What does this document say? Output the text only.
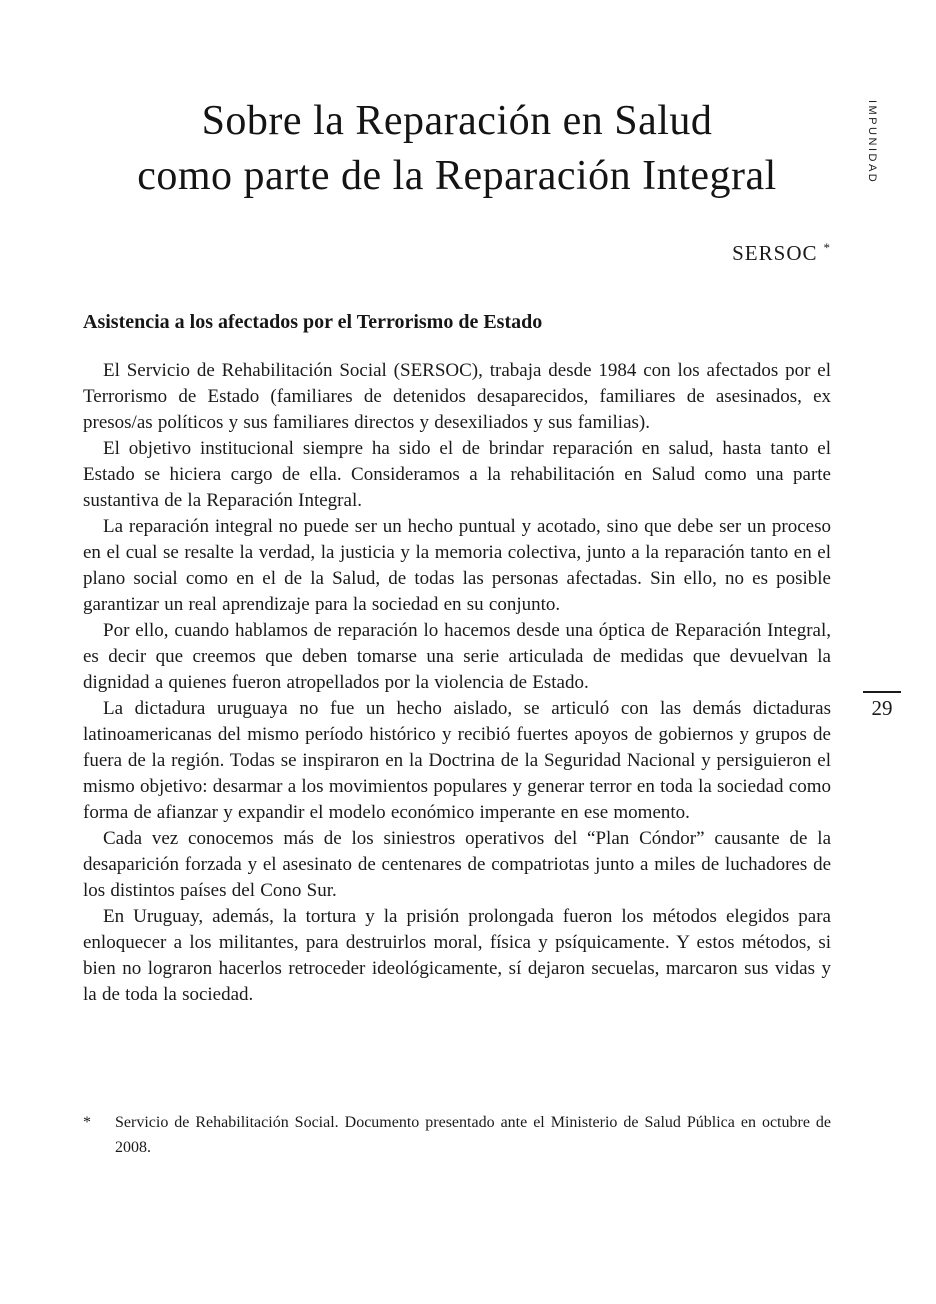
IMPUNIDAD
29
Sobre la Reparación en Salud
como parte de la Reparación Integral
SERSOC *
Asistencia a los afectados por el Terrorismo de Estado

El Servicio de Rehabilitación Social (SERSOC), trabaja desde 1984 con los afectados por el Terrorismo de Estado (familiares de detenidos desaparecidos, familiares de asesinados, ex presos/as políticos y sus familiares directos y desexiliados y sus familias).

El objetivo institucional siempre ha sido el de brindar reparación en salud, hasta tanto el Estado se hiciera cargo de ella. Consideramos a la rehabilitación en Salud como una parte sustantiva de la Reparación Integral.

La reparación integral no puede ser un hecho puntual y acotado, sino que debe ser un proceso en el cual se resalte la verdad, la justicia y la memoria colectiva, junto a la reparación tanto en el plano social como en el de la Salud, de todas las personas afectadas. Sin ello, no es posible garantizar un real aprendizaje para la sociedad en su conjunto.

Por ello, cuando hablamos de reparación lo hacemos desde una óptica de Reparación Integral, es decir que creemos que deben tomarse una serie articulada de medidas que devuelvan la dignidad a quienes fueron atropellados por la violencia de Estado.

La dictadura uruguaya no fue un hecho aislado, se articuló con las demás dictaduras latinoamericanas del mismo período histórico y recibió fuertes apoyos de gobiernos y grupos de fuera de la región. Todas se inspiraron en la Doctrina de la Seguridad Nacional y persiguieron el mismo objetivo: desarmar a los movimientos populares y generar terror en toda la sociedad como forma de afianzar y expandir el modelo económico imperante en ese momento.

Cada vez conocemos más de los siniestros operativos del “Plan Cóndor” causante de la desaparición forzada y el asesinato de centenares de compatriotas junto a miles de luchadores de los distintos países del Cono Sur.

En Uruguay, además, la tortura y la prisión prolongada fueron los métodos elegidos para enloquecer a los militantes, para destruirlos moral, física y psíquicamente. Y estos métodos, si bien no lograron hacerlos retroceder ideológicamente, sí dejaron secuelas, marcaron sus vidas y la de toda la sociedad.

*	Servicio de Rehabilitación Social. Documento presentado ante el Ministerio de Salud Pública en octubre de 2008.
